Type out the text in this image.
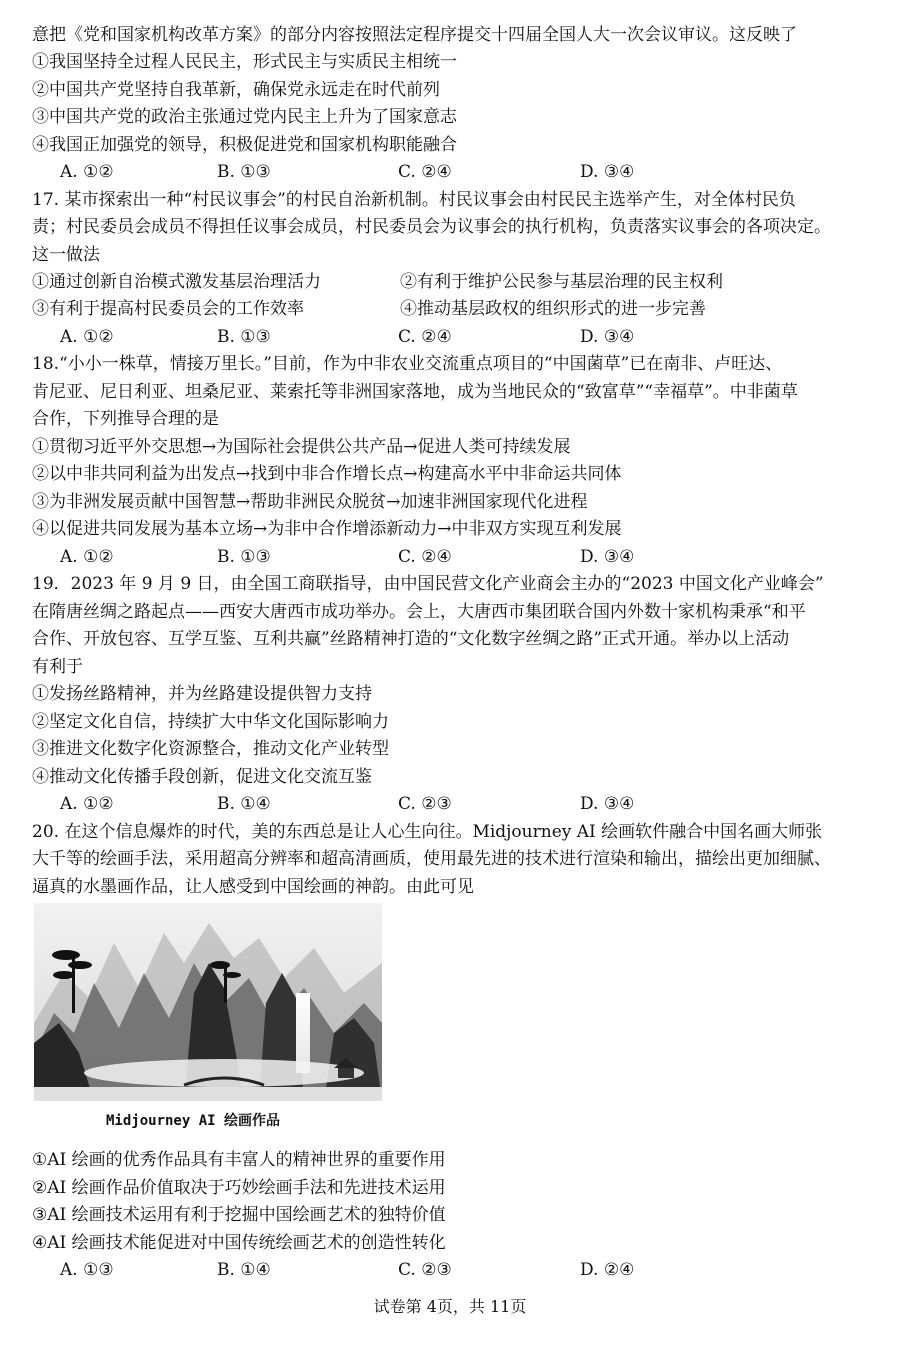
意把《党和国家机构改革方案》的部分内容按照法定程序提交十四届全国人大一次会议审议。这反映了
①我国坚持全过程人民民主，形式民主与实质民主相统一
②中国共产党坚持自我革新，确保党永远走在时代前列
③中国共产党的政治主张通过党内民主上升为了国家意志
④我国正加强党的领导，积极促进党和国家机构职能融合
A. ①②	B. ①③	C. ②④	D. ③④
17. 某市探索出一种“村民议事会”的村民自治新机制。村民议事会由村民民主选举产生，对全体村民负
责；村民委员会成员不得担任议事会成员，村民委员会为议事会的执行机构，负责落实议事会的各项决定。
这一做法
①通过创新自治模式激发基层治理活力	②有利于维护公民参与基层治理的民主权利
③有利于提高村民委员会的工作效率	④推动基层政权的组织形式的进一步完善
A. ①②	B. ①③	C. ②④	D. ③④
18.“小小一株草，情接万里长。”目前，作为中非农业交流重点项目的“中国菌草”已在南非、卢旺达、
肯尼亚、尼日利亚、坦桑尼亚、莱索托等非洲国家落地，成为当地民众的“致富草”“幸福草”。中非菌草
合作，下列推导合理的是
①贯彻习近平外交思想→为国际社会提供公共产品→促进人类可持续发展
②以中非共同利益为出发点→找到中非合作增长点→构建高水平中非命运共同体
③为非洲发展贡献中国智慧→帮助非洲民众脱贫→加速非洲国家现代化进程
④以促进共同发展为基本立场→为非中合作增添新动力→中非双方实现互利发展
A. ①②	B. ①③	C. ②④	D. ③④
19．2023 年 9 月 9 日，由全国工商联指导，由中国民营文化产业商会主办的“2023 中国文化产业峰会”
在隋唐丝绸之路起点——西安大唐西市成功举办。会上，大唐西市集团联合国内外数十家机构秉承“和平
合作、开放包容、互学互鉴、互利共赢”丝路精神打造的“文化数字丝绸之路”正式开通。举办以上活动
有利于
①发扬丝路精神，并为丝路建设提供智力支持
②坚定文化自信，持续扩大中华文化国际影响力
③推进文化数字化资源整合，推动文化产业转型
④推动文化传播手段创新，促进文化交流互鉴
A. ①②	B. ①④	C. ②③	D. ③④
20. 在这个信息爆炸的时代，美的东西总是让人心生向往。Midjourney AI 绘画软件融合中国名画大师张
大千等的绘画手法，采用超高分辨率和超高清画质，使用最先进的技术进行渲染和输出，描绘出更加细腻、
逼真的水墨画作品，让人感受到中国绘画的神韵。由此可见
Midjourney AI 绘画作品
①AI 绘画的优秀作品具有丰富人的精神世界的重要作用
②AI 绘画作品价值取决于巧妙绘画手法和先进技术运用
③AI 绘画技术运用有利于挖掘中国绘画艺术的独特价值
④AI 绘画技术能促进对中国传统绘画艺术的创造性转化
A. ①③	B. ①④	C. ②③	D. ②④
试卷第 4页，共 11页
